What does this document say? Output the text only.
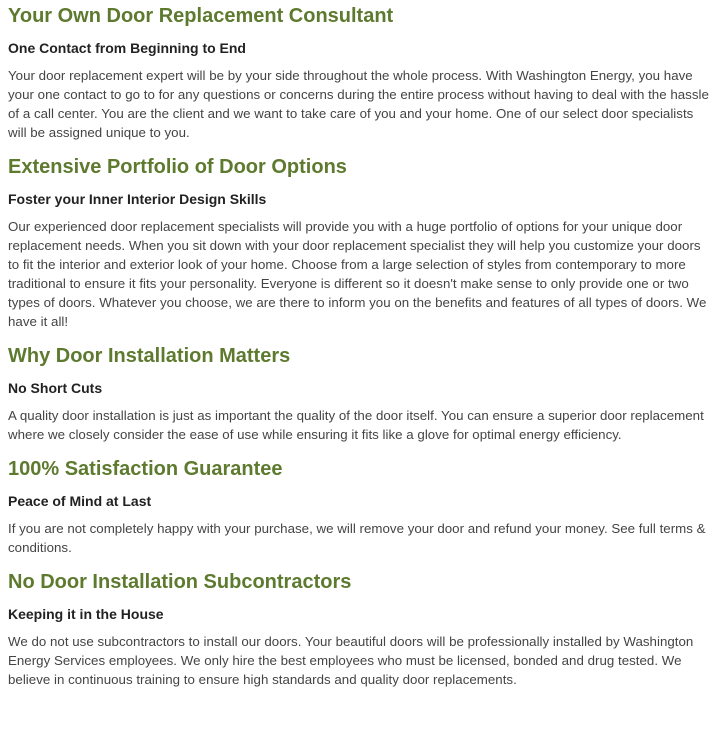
Your Own Door Replacement Consultant
One Contact from Beginning to End

Your door replacement expert will be by your side throughout the whole process. With Washington Energy, you have your one contact to go to for any questions or concerns during the entire process without having to deal with the hassle of a call center. You are the client and we want to take care of you and your home. One of our select door specialists will be assigned unique to you.

Extensive Portfolio of Door Options
Foster your Inner Interior Design Skills

Our experienced door replacement specialists will provide you with a huge portfolio of options for your unique door replacement needs. When you sit down with your door replacement specialist they will help you customize your doors to fit the interior and exterior look of your home. Choose from a large selection of styles from contemporary to more traditional to ensure it fits your personality. Everyone is different so it doesn't make sense to only provide one or two types of doors. Whatever you choose, we are there to inform you on the benefits and features of all types of doors. We have it all!

Why Door Installation Matters
No Short Cuts

A quality door installation is just as important the quality of the door itself. You can ensure a superior door replacement where we closely consider the ease of use while ensuring it fits like a glove for optimal energy efficiency.

100% Satisfaction Guarantee
Peace of Mind at Last

If you are not completely happy with your purchase, we will remove your door and refund your money. See full terms & conditions.

No Door Installation Subcontractors
Keeping it in the House

We do not use subcontractors to install our doors. Your beautiful doors will be professionally installed by Washington Energy Services employees. We only hire the best employees who must be licensed, bonded and drug tested. We believe in continuous training to ensure high standards and quality door replacements.
